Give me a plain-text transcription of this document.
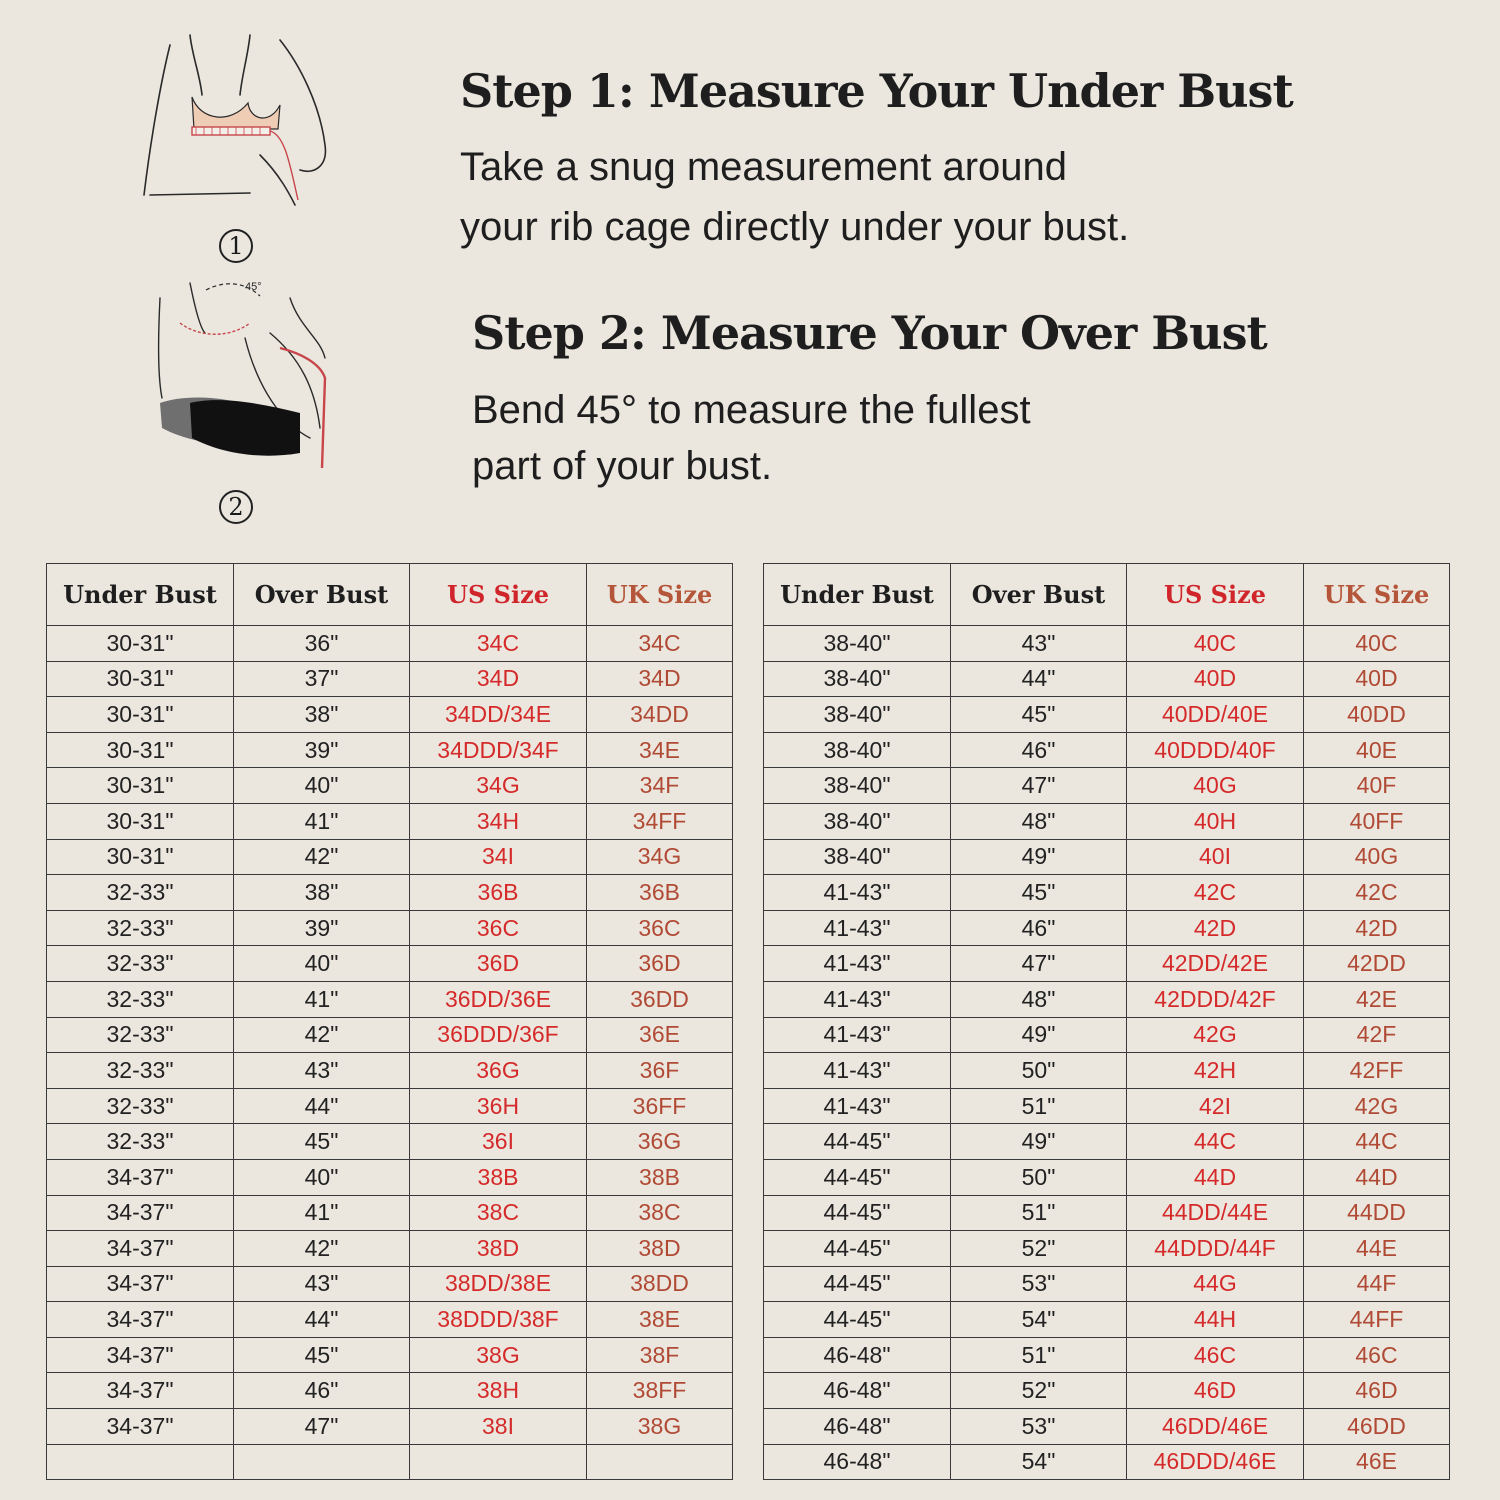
1
45°
2
Step 1: Measure Your Under Bust
Take a snug measurement around
your rib cage directly under your bust.
Step 2: Measure Your Over Bust
Bend 45° to measure the fullest
part of your bust.
Under Bust	Over Bust	US Size	UK Size
30-31"	36"	34C	34C
30-31"	37"	34D	34D
30-31"	38"	34DD/34E	34DD
30-31"	39"	34DDD/34F	34E
30-31"	40"	34G	34F
30-31"	41"	34H	34FF
30-31"	42"	34I	34G
32-33"	38"	36B	36B
32-33"	39"	36C	36C
32-33"	40"	36D	36D
32-33"	41"	36DD/36E	36DD
32-33"	42"	36DDD/36F	36E
32-33"	43"	36G	36F
32-33"	44"	36H	36FF
32-33"	45"	36I	36G
34-37"	40"	38B	38B
34-37"	41"	38C	38C
34-37"	42"	38D	38D
34-37"	43"	38DD/38E	38DD
34-37"	44"	38DDD/38F	38E
34-37"	45"	38G	38F
34-37"	46"	38H	38FF
34-37"	47"	38I	38G

Under Bust	Over Bust	US Size	UK Size
38-40"	43"	40C	40C
38-40"	44"	40D	40D
38-40"	45"	40DD/40E	40DD
38-40"	46"	40DDD/40F	40E
38-40"	47"	40G	40F
38-40"	48"	40H	40FF
38-40"	49"	40I	40G
41-43"	45"	42C	42C
41-43"	46"	42D	42D
41-43"	47"	42DD/42E	42DD
41-43"	48"	42DDD/42F	42E
41-43"	49"	42G	42F
41-43"	50"	42H	42FF
41-43"	51"	42I	42G
44-45"	49"	44C	44C
44-45"	50"	44D	44D
44-45"	51"	44DD/44E	44DD
44-45"	52"	44DDD/44F	44E
44-45"	53"	44G	44F
44-45"	54"	44H	44FF
46-48"	51"	46C	46C
46-48"	52"	46D	46D
46-48"	53"	46DD/46E	46DD
46-48"	54"	46DDD/46E	46E
